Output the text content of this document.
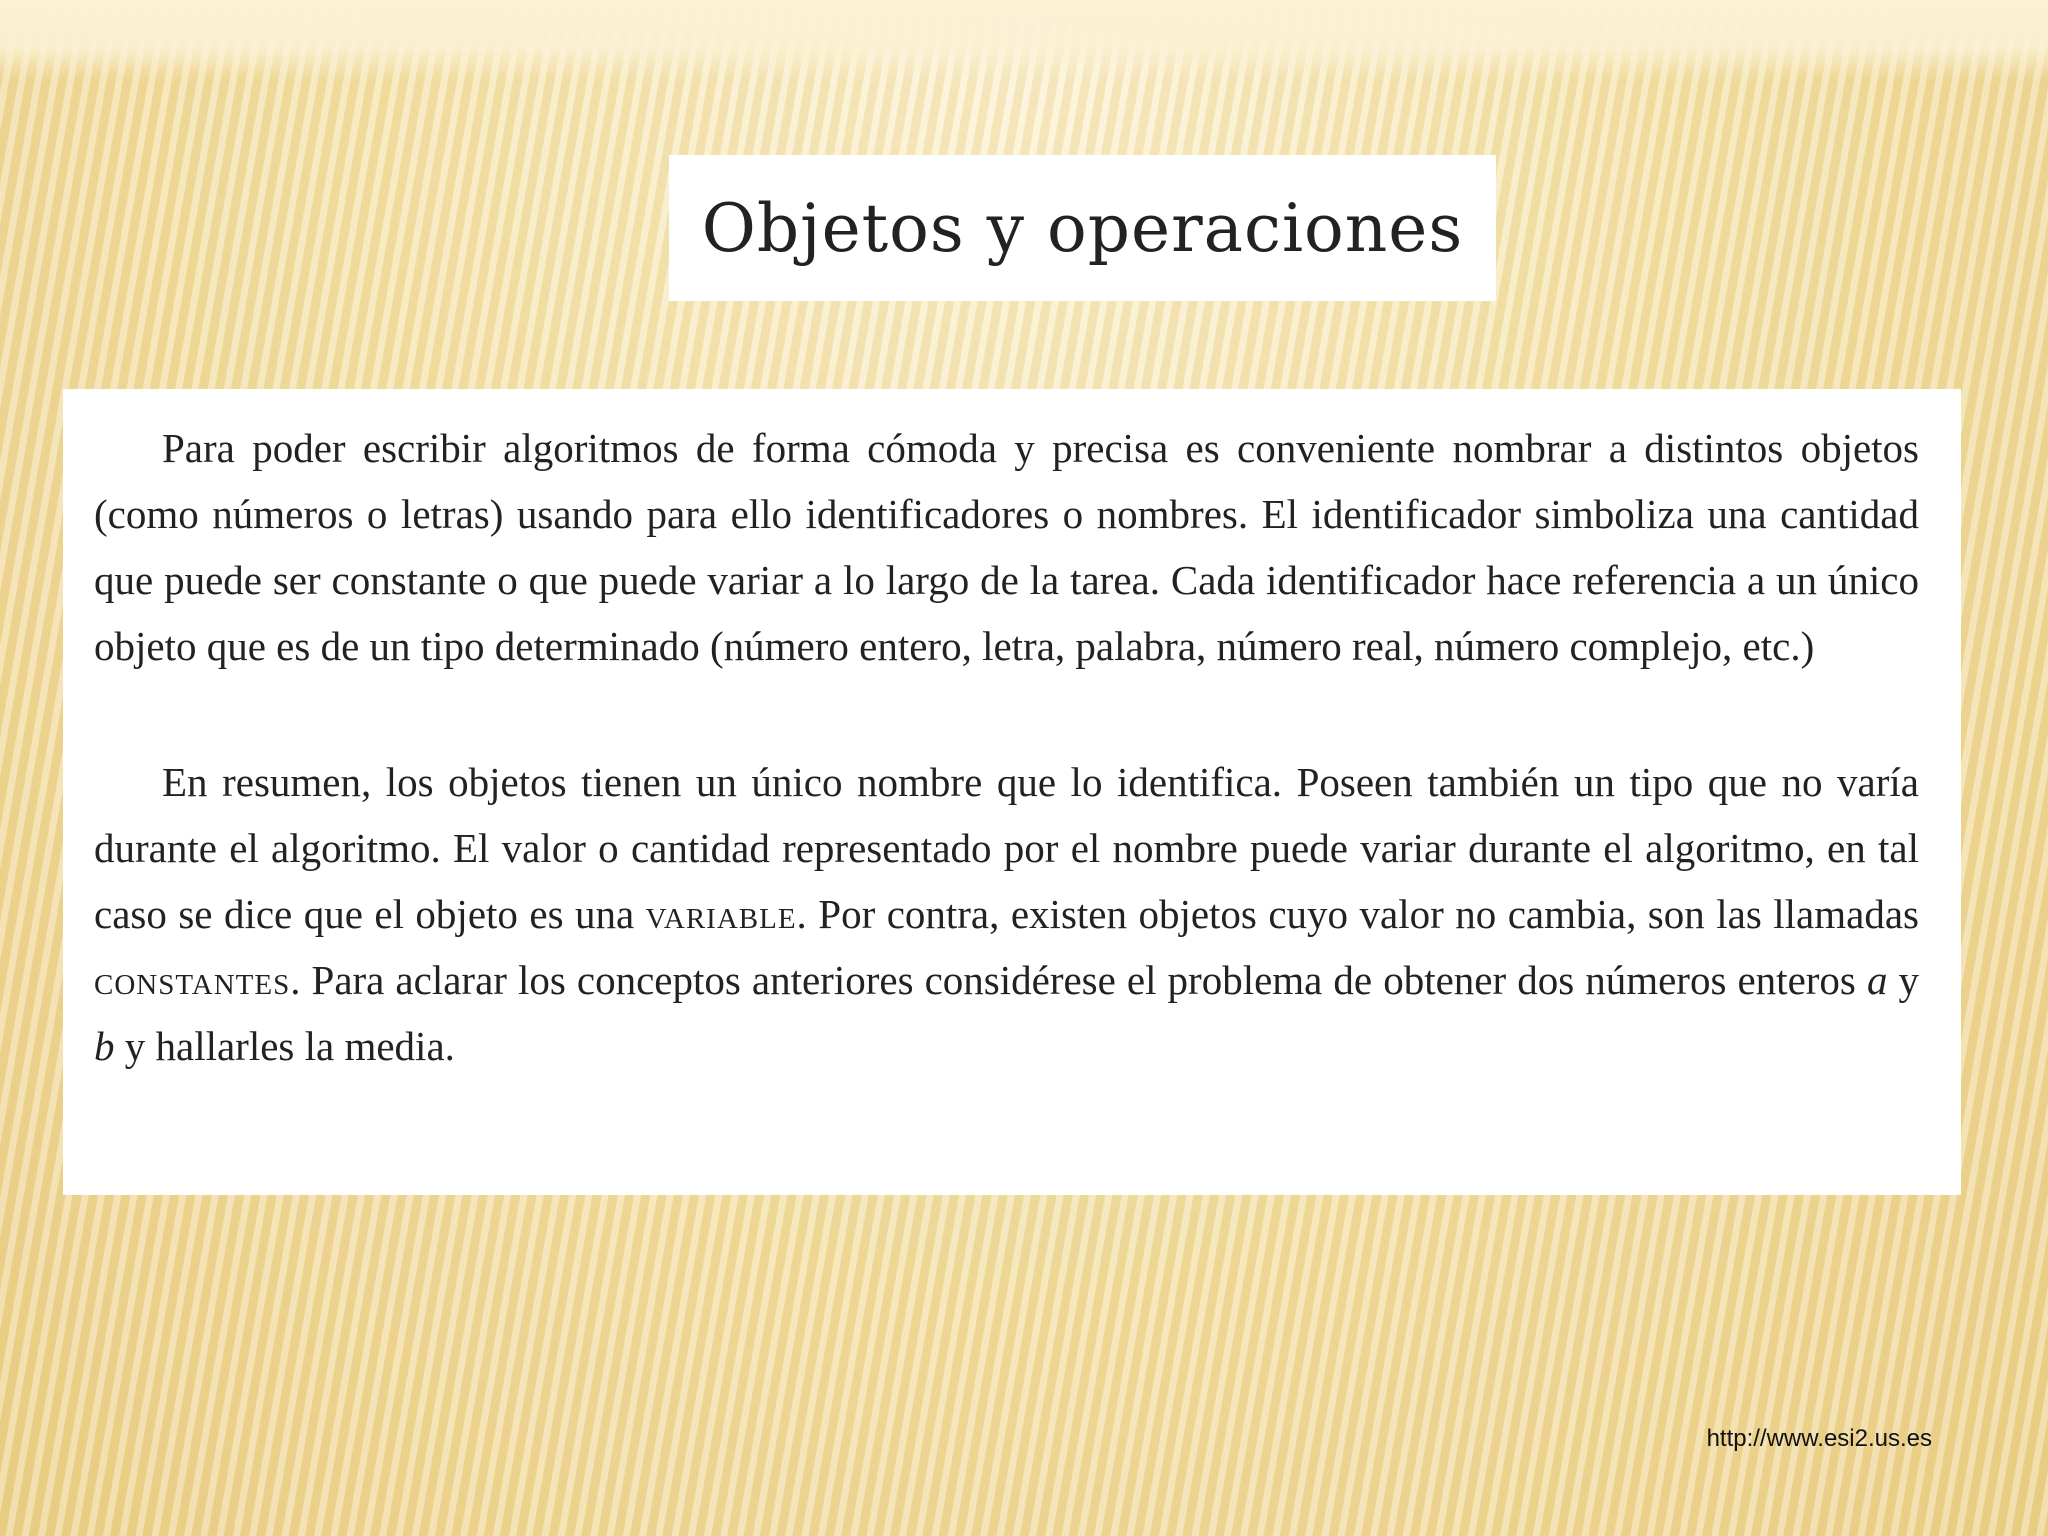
Objetos y operaciones

Para poder escribir algoritmos de forma cómoda y precisa es conveniente nombrar a distintos objetos (como números o letras) usando para ello identificadores o nombres. El identificador simboliza una cantidad que puede ser constante o que puede variar a lo largo de la tarea. Cada identificador hace referencia a un único objeto que es de un tipo determinado (número entero, letra, palabra, número real, número complejo, etc.)

En resumen, los objetos tienen un único nombre que lo identifica. Poseen también un tipo que no varía durante el algoritmo. El valor o cantidad representado por el nombre puede variar durante el algoritmo, en tal caso se dice que el objeto es una variable. Por contra, existen objetos cuyo valor no cambia, son las llamadas constantes. Para aclarar los conceptos anteriores considérese el problema de obtener dos números enteros a y b y hallarles la media.

http://www.esi2.us.es
